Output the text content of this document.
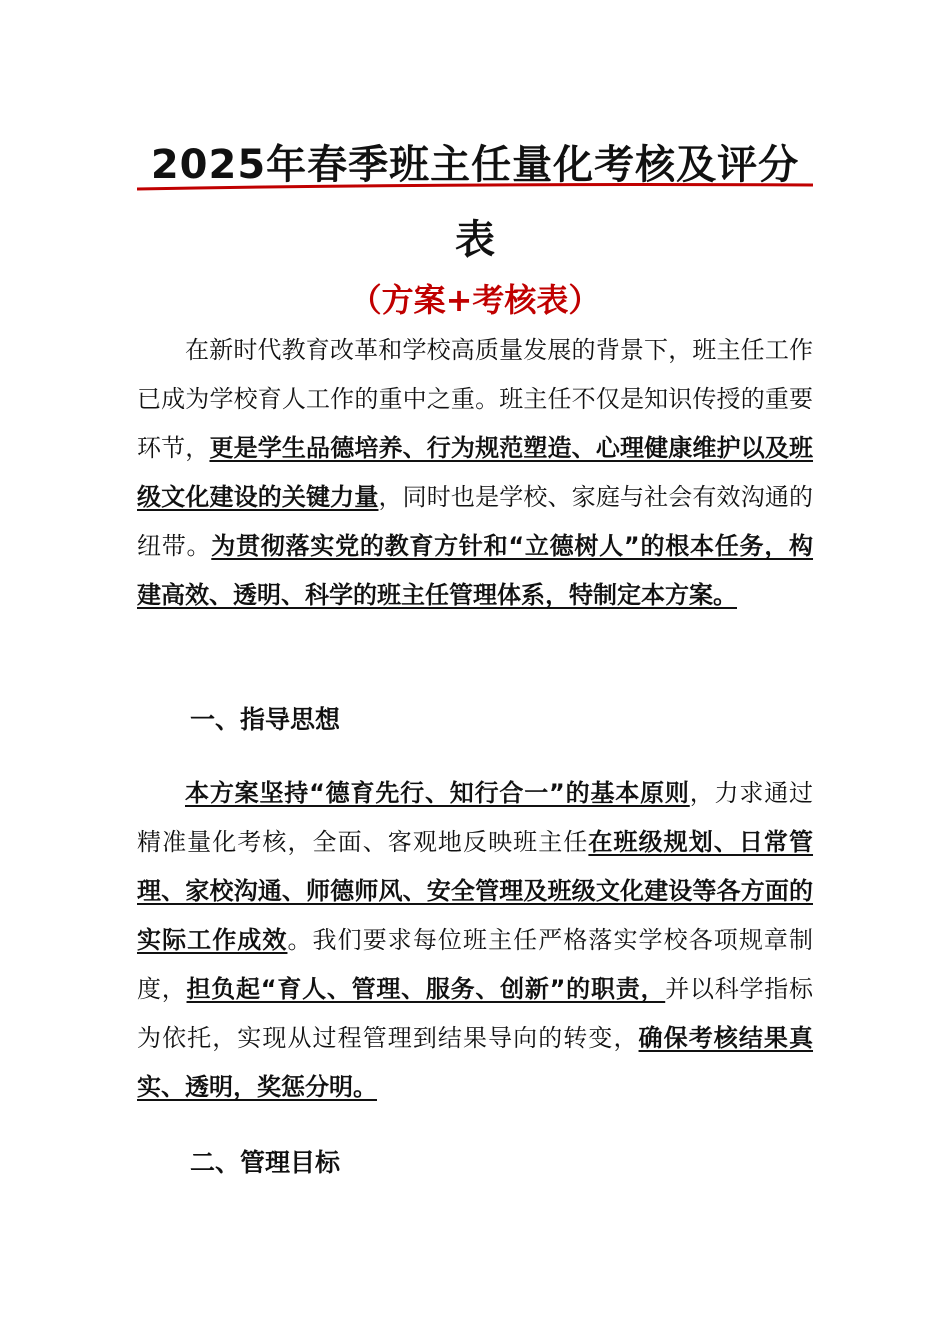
2025年春季班主任量化考核及评分
表
（方案+考核表）

在新时代教育改革和学校高质量发展的背景下，班主任工作已成为学校育人工作的重中之重。班主任不仅是知识传授的重要环节，更是学生品德培养、行为规范塑造、心理健康维护以及班级文化建设的关键力量，同时也是学校、家庭与社会有效沟通的纽带。为贯彻落实党的教育方针和“立德树人”的根本任务，构建高效、透明、科学的班主任管理体系，特制定本方案。

一、指导思想

本方案坚持“德育先行、知行合一”的基本原则，力求通过精准量化考核，全面、客观地反映班主任在班级规划、日常管理、家校沟通、师德师风、安全管理及班级文化建设等各方面的实际工作成效。我们要求每位班主任严格落实学校各项规章制度，担负起“育人、管理、服务、创新”的职责，并以科学指标为依托，实现从过程管理到结果导向的转变，确保考核结果真实、透明，奖惩分明。

二、管理目标
